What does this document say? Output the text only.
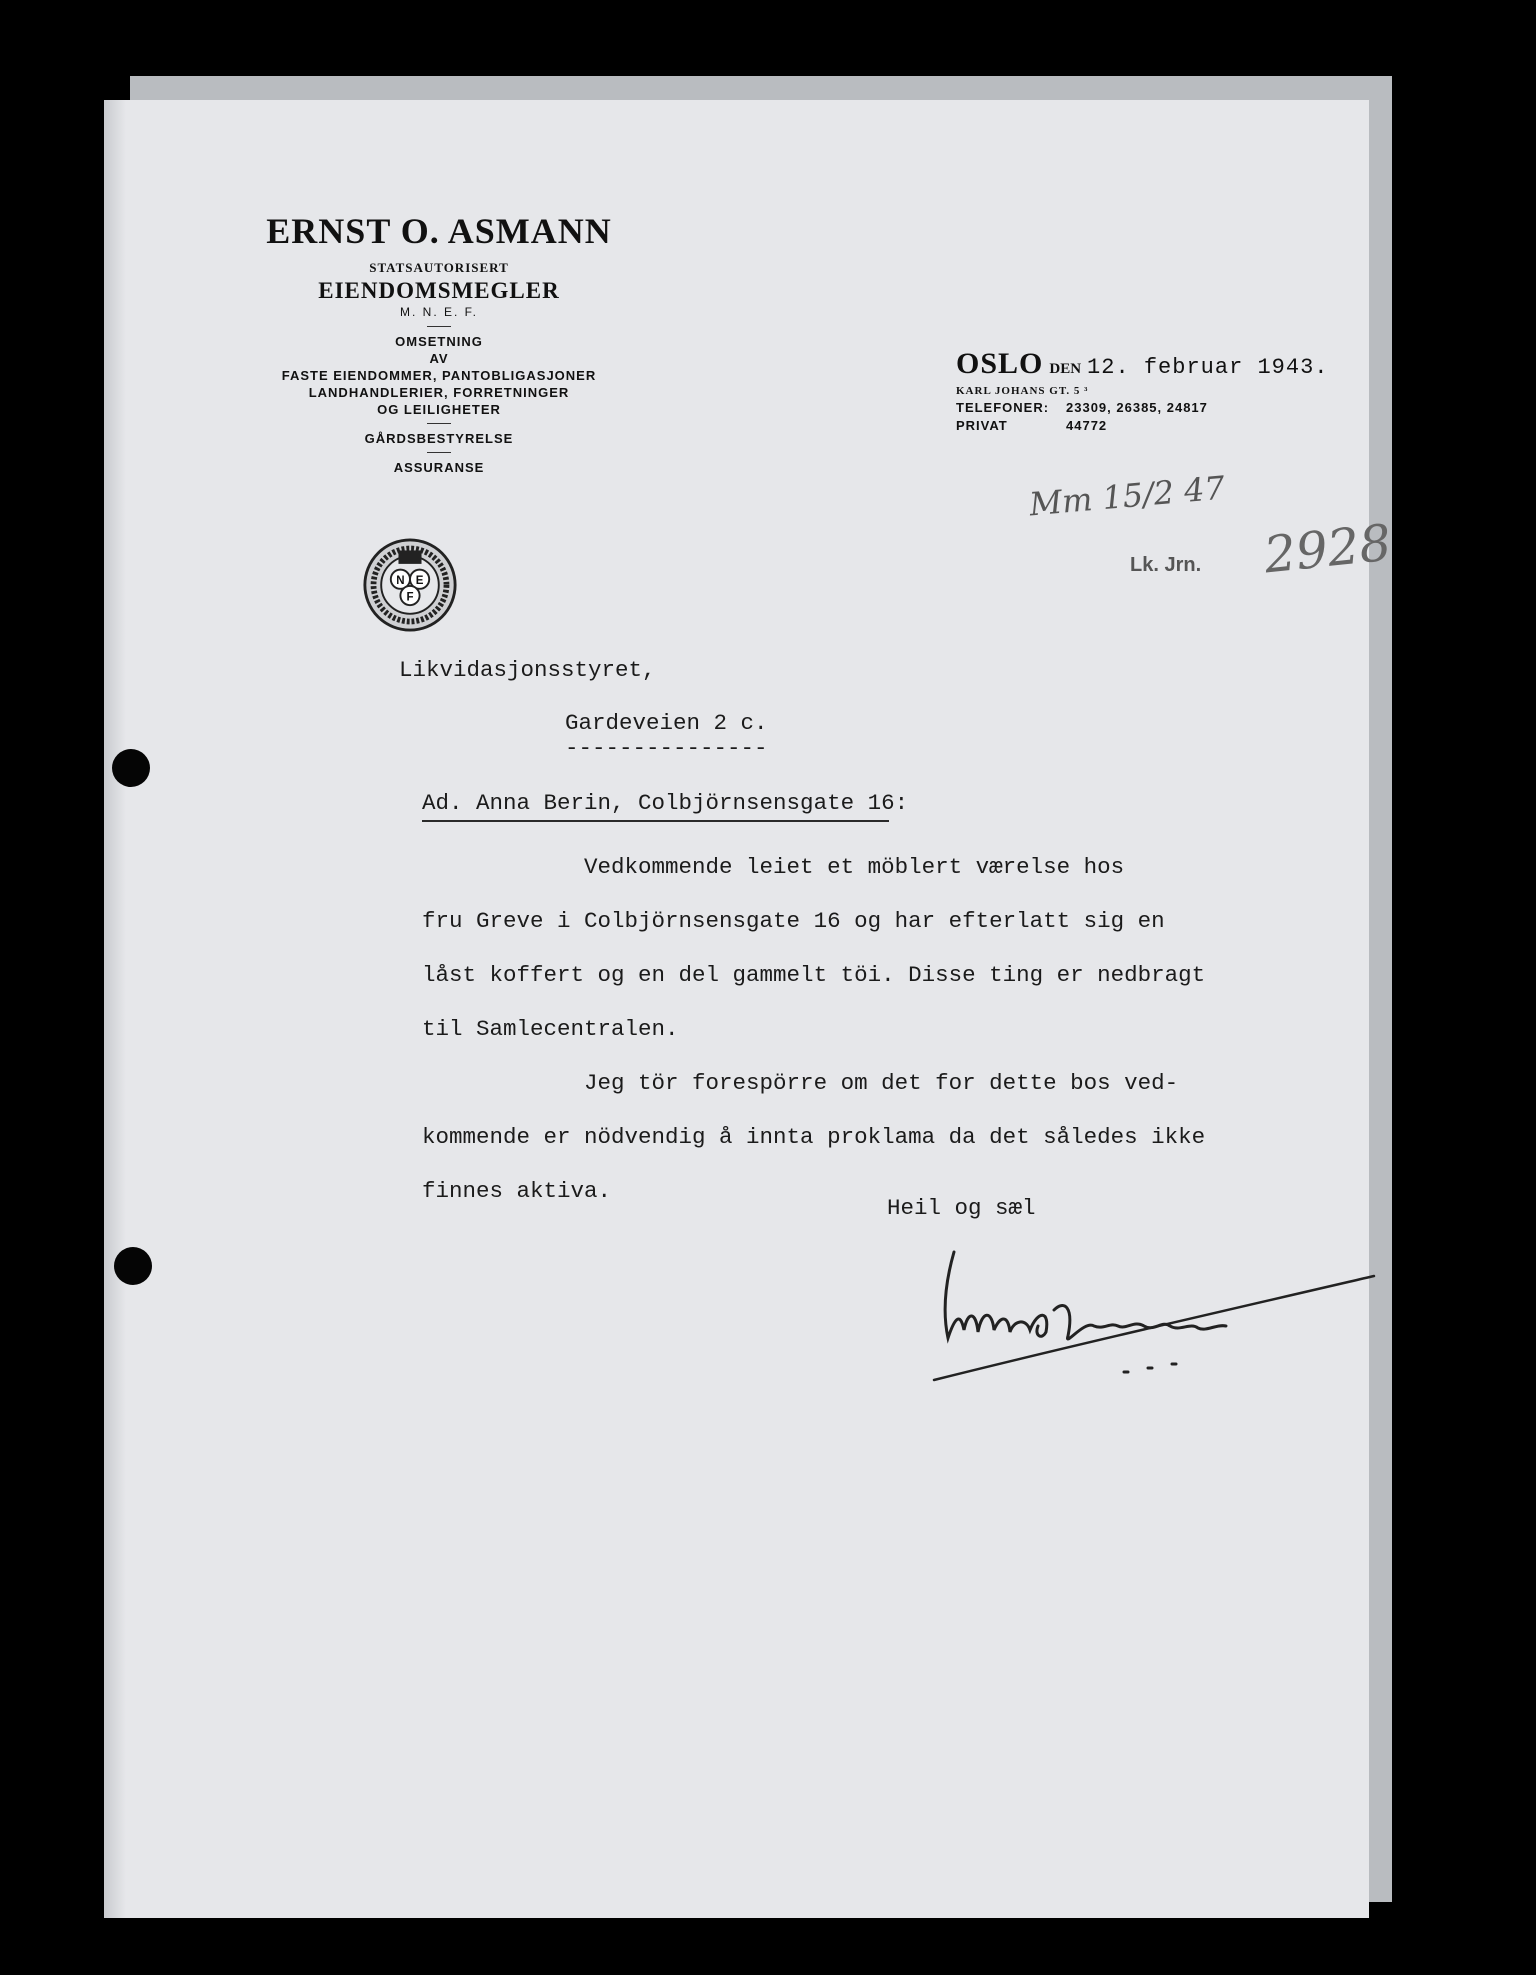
ERNST O. ASMANN
STATSAUTORISERT
EIENDOMSMEGLER
M. N. E. F.
OMSETNING
AV
FASTE EIENDOMMER, PANTOBLIGASJONER
LANDHANDLERIER, FORRETNINGER
OG LEILIGHETER
GÅRDSBESTYRELSE
ASSURANSE
N E
F
OSLO DEN 12. februar 1943.
KARL JOHANS GT. 5 ³
TELEFONER: 23309, 26385, 24817
PRIVAT	44772
Mm 15/2 47
2928
Lk. Jrn.
Likvidasjonsstyret,
Gardeveien 2 c.
---------------
Ad. Anna Berin, Colbjörnsensgate 16:
Vedkommende leiet et möblert værelse hos
fru Greve i Colbjörnsensgate 16 og har efterlatt sig en
låst koffert og en del gammelt töi. Disse ting er nedbragt
til Samlecentralen.
Jeg tör forespörre om det for dette bos ved-
kommende er nödvendig å innta proklama da det således ikke
finnes aktiva.
Heil og sæl
